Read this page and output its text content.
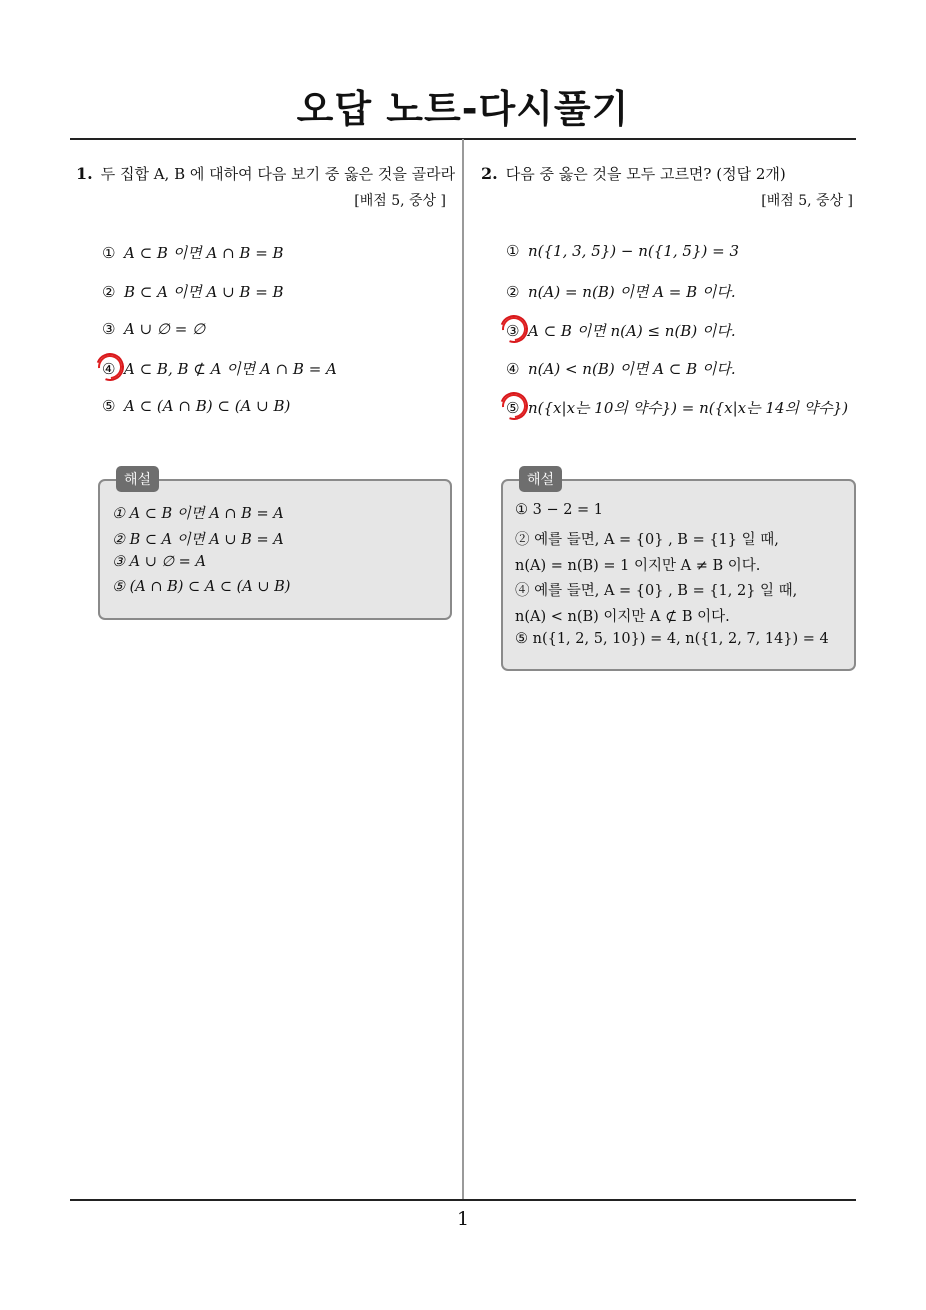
오답 노트-다시풀기
1. 두 집합 A, B 에 대하여 다음 보기 중 옳은 것을 골라라
[배점 5, 중상 ]
① A ⊂ B 이면 A ∩ B = B
② B ⊂ A 이면 A ∪ B = B
③ A ∪ ∅ = ∅
④ A ⊂ B, B ⊄ A 이면 A ∩ B = A
⑤ A ⊂ (A ∩ B) ⊂ (A ∪ B)
해설
① A ⊂ B 이면 A ∩ B = A
② B ⊂ A 이면 A ∪ B = A
③ A ∪ ∅ = A
⑤ (A ∩ B) ⊂ A ⊂ (A ∪ B)
2. 다음 중 옳은 것을 모두 고르면? (정답 2개)
[배점 5, 중상 ]
① n({1, 3, 5}) − n({1, 5}) = 3
② n(A) = n(B) 이면 A = B 이다.
③ A ⊂ B 이면 n(A) ≤ n(B) 이다.
④ n(A) < n(B) 이면 A ⊂ B 이다.
⑤ n({x|x는 10의 약수}) = n({x|x는 14의 약수})
해설
① 3 − 2 = 1
② 예를 들면, A = {0} , B = {1} 일 때,
n(A) = n(B) = 1 이지만 A ≠ B 이다.
④ 예를 들면, A = {0} , B = {1, 2} 일 때,
n(A) < n(B) 이지만 A ⊄ B 이다.
⑤ n({1, 2, 5, 10}) = 4, n({1, 2, 7, 14}) = 4
1
